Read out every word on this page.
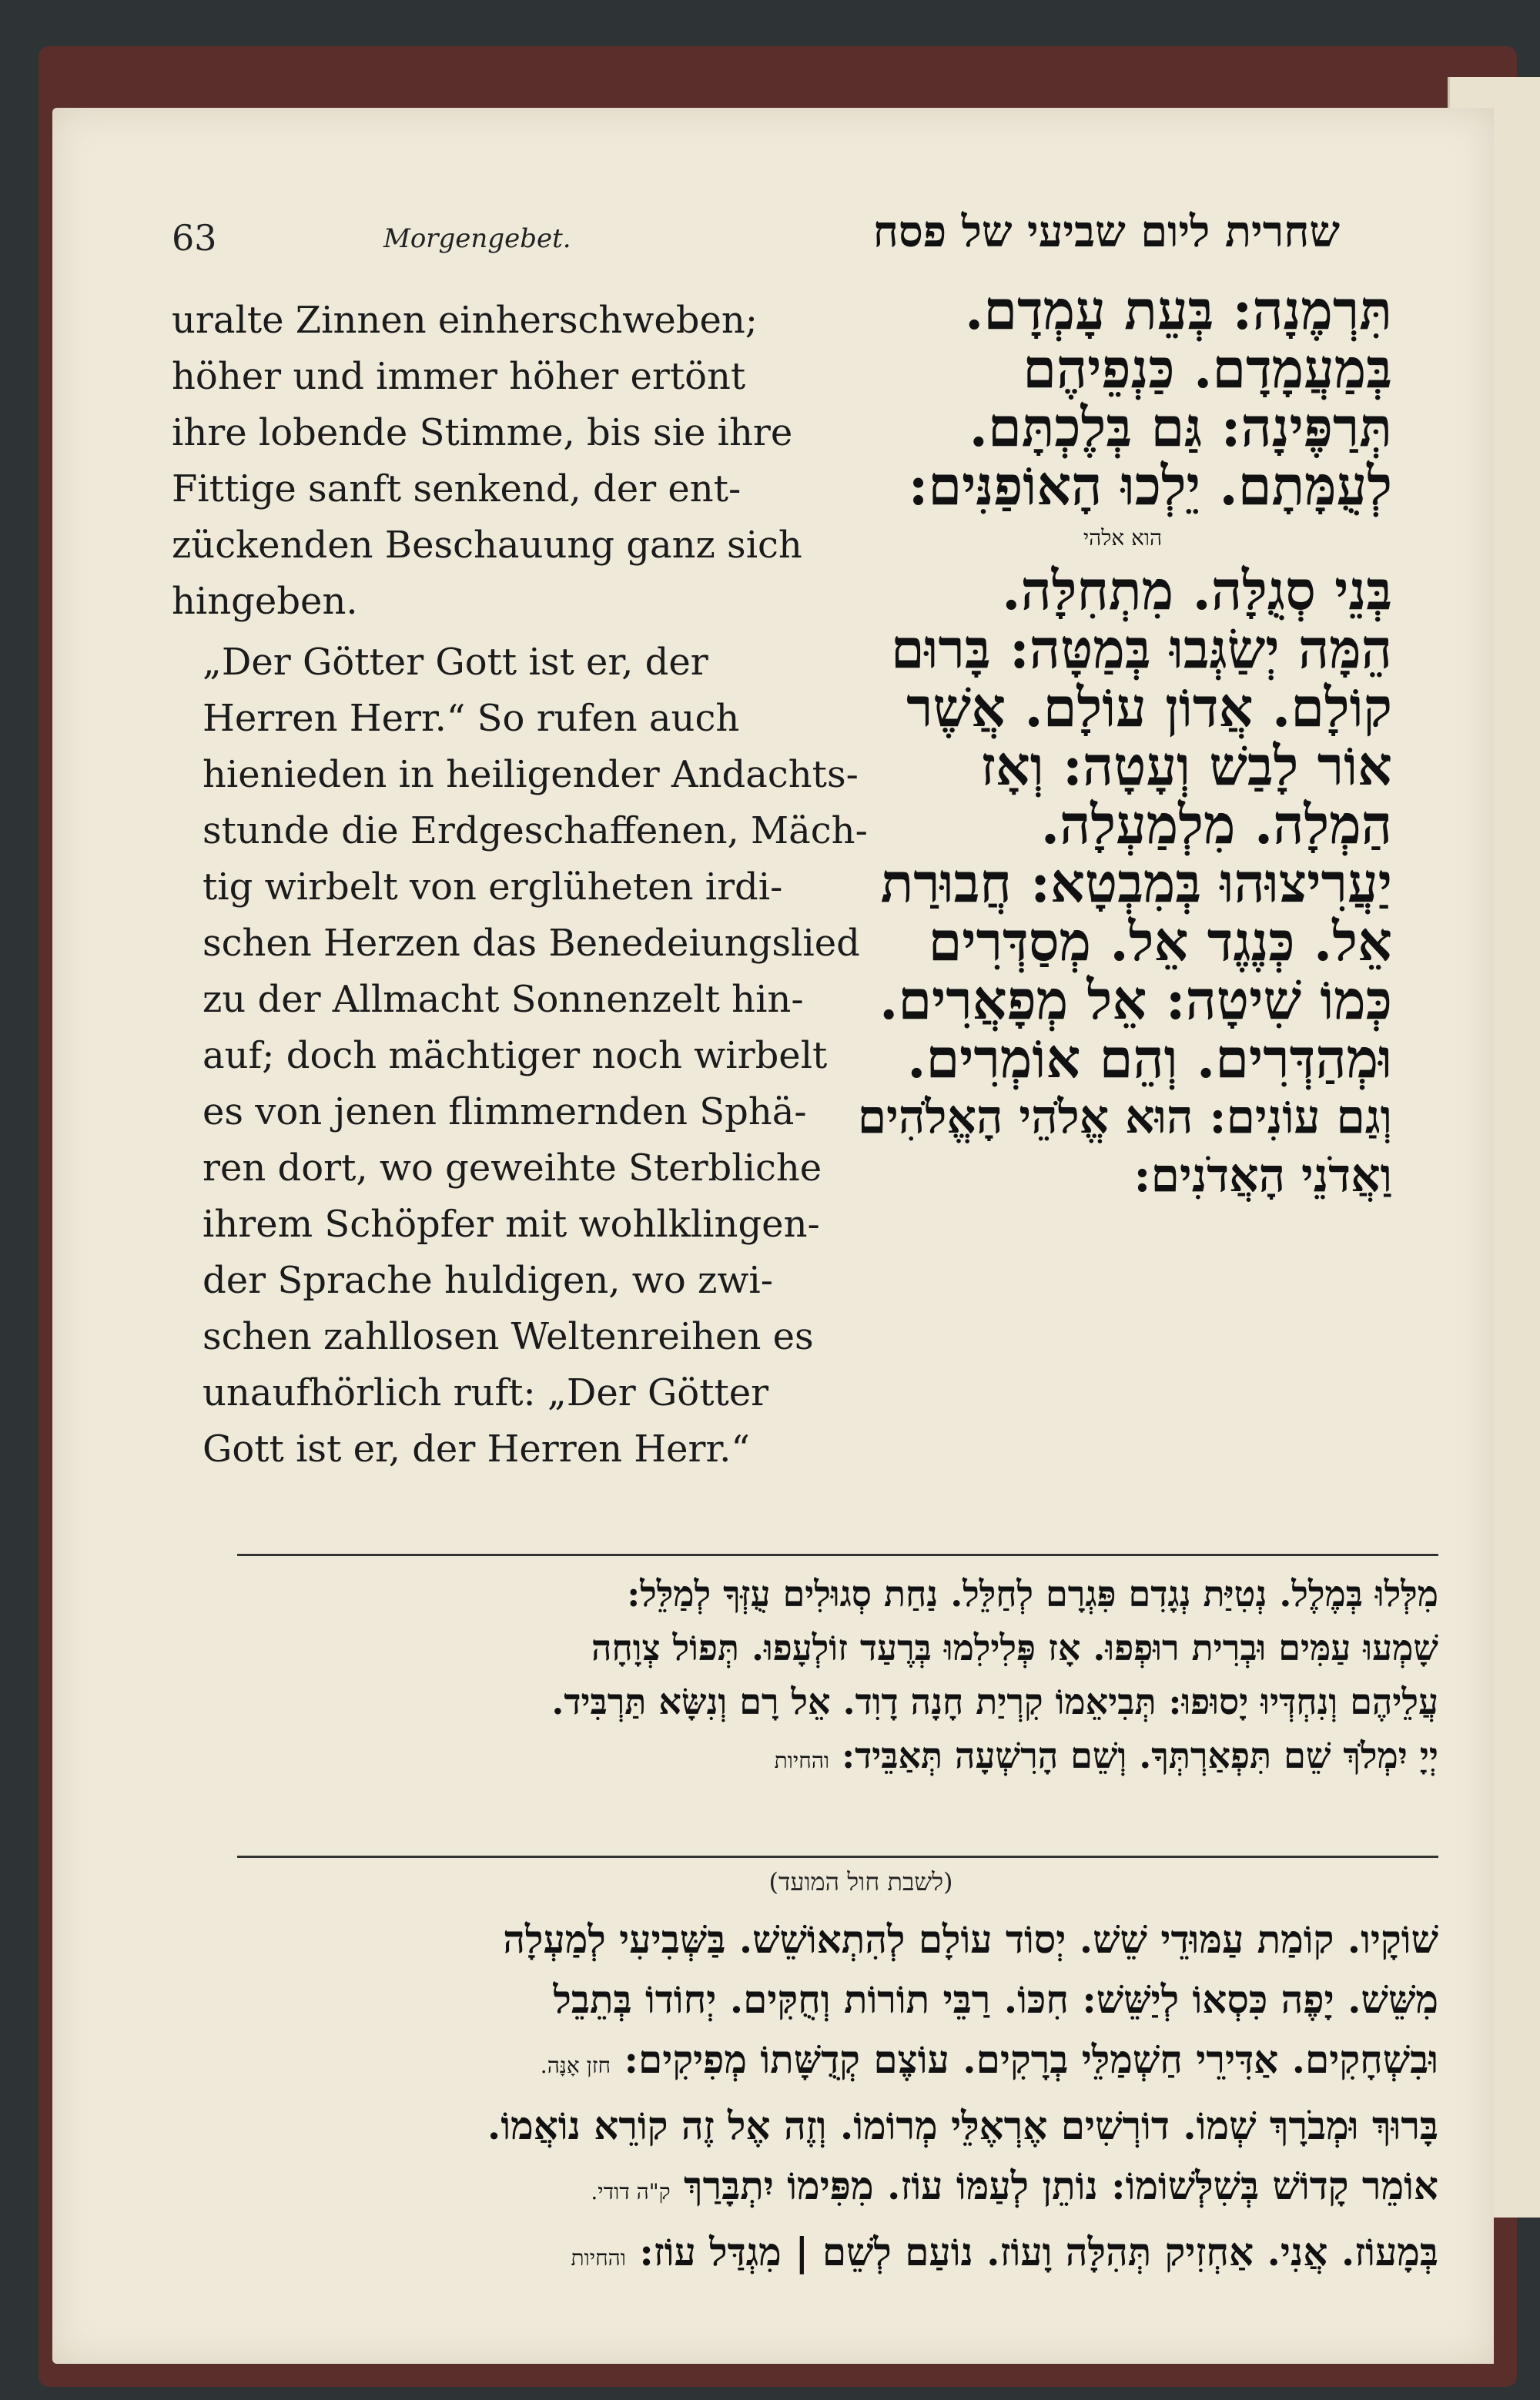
63	Morgengebet.	שחרית ליום שביעי של פסח

uralte Zinnen einherschweben;
höher und immer höher ertönt
ihre lobende Stimme, bis sie ihre
Fittige sanft senkend, der ent-
zückenden Beschauung ganz sich
hingeben.

„Der Götter Gott ist er, der
Herren Herr.“ So rufen auch
hienieden in heiligender Andachts-
stunde die Erdgeschaffenen, Mäch-
tig wirbelt von erglüheten irdi-
schen Herzen das Benedeiungslied
zu der Allmacht Sonnenzelt hin-
auf; doch mächtiger noch wirbelt
es von jenen flimmernden Sphä-
ren dort, wo geweihte Sterbliche
ihrem Schöpfer mit wohlklingen-
der Sprache huldigen, wo zwi-
schen zahllosen Weltenreihen es
unaufhörlich ruft: „Der Götter
Gott ist er, der Herren Herr.“

תִּרְמֶנָה: בְּעֵת עָמְדָם.
בְּמַעֲמָדָם. כַּנְפֵיהֶם
תְּרַפֶּינָה: גַּם בְּלֶכְתָּם.
לְעֻמָּתָם. יֵלְכוּ הָאוֹפַנִּים:
הוא אלהי
בְּנֵי סְגֻלָּה. מִתְחִלָּה.
הֵמָּה יְשַׂגְּבוּ בְּמַטָּה: בָּרוּם
קוֹלָם. אֲדוֹן עוֹלָם. אֲשֶׁר
אוֹר לָבַשׁ וְעָטָה: וְאָז
הַמְלָה. מִלְמַעְלָה.
יַעֲרִיצוּהוּ בְּמִבְטָא: חֲבוּרַת
אֵל. כְּנֶגֶד אֵל. מְסַדְּרִים
כְּמוֹ שִׁיטָה: אֵל מְפָאֲרִים.
וּמְהַדְּרִים. וְהֵם אוֹמְרִים.
וְגַם עוֹנִים: הוּא אֱלֹהֵי הָאֱלֹהִים
וַאֲדֹנֵי הָאֲדֹנִים:
מִלְּלוּ בְּמֶלֶל. נְטִיַּת נְגָדִם פִּגְרָם לְחַלֵּל. נַחַת סְגוּלִים עֻזְּךָ לְמַלֵּל:
שָׁמְעוּ עַמִּים וּבְרִית רוּפְפוּ. אָז פְּלִילִמוּ בְּרֶעַד זוֹלְעָפוּ. תְּפוֹל צְוָחָה
עֲלֵיהֶם וְנִחְדְּיוּ יָסוּפוּ: תְּבִיאֵמוֹ קִרְיַת חָנָה דָוִד. אֵל רָם וְנִשָּׂא תַּרְבִּיד.
יְיָ יִמְלֹךְ שֵׁם תִּפְאַרְתְּךָ. וְשֵׁם הָרִשְׁעָה תְּאַבֵּיד: והחיות
(לשבת חול המועד)
שׁוֹקָיו. קוֹמַת עַמּוּדֵי שֵׁשׁ. יְסוֹד עוֹלָם לְהִתְאוֹשֵׁשׁ. בַּשְּׁבִיעִי לְמַעְלָה
מִשֵּׁשׁ. יָפֶה כִּסְאוֹ לְיַשֵּׁשׁ: חִכּוֹ. רַבֵּי תוֹרוֹת וְחֻקִּים. יְחוֹדוֹ בְּתֵבֵל
וּבִשְׁחָקִים. אַדִּירֵי חַשְׁמַלֵּי בְרָקִים. עוֹצֶם קְדֻשָּׁתוֹ מְפִיקִים: חזן אָנָּה.
בָּרוּךְ וּמְבֹרָךְ שְׁמוֹ. דוֹרְשִׁים אֶרְאֶלֵּי מְרוֹמוֹ. וְזֶה אֶל זֶה קוֹרֵא נוֹאֲמוֹ.
אוֹמֵר קָדוֹשׁ בְּשִׁלְּשׁוֹמוֹ: נוֹתֵן לְעַמּוֹ עוֹז. מִפִּימוֹ יִתְבָּרַךְ ק"ה דודי.
בְּמָעוֹז. אֲנִי. אַחְזִיק תְּהִלָּה וָעוֹז. נוֹעַם לְשֵׁם | מִגְדַּל עוֹז: והחיות
